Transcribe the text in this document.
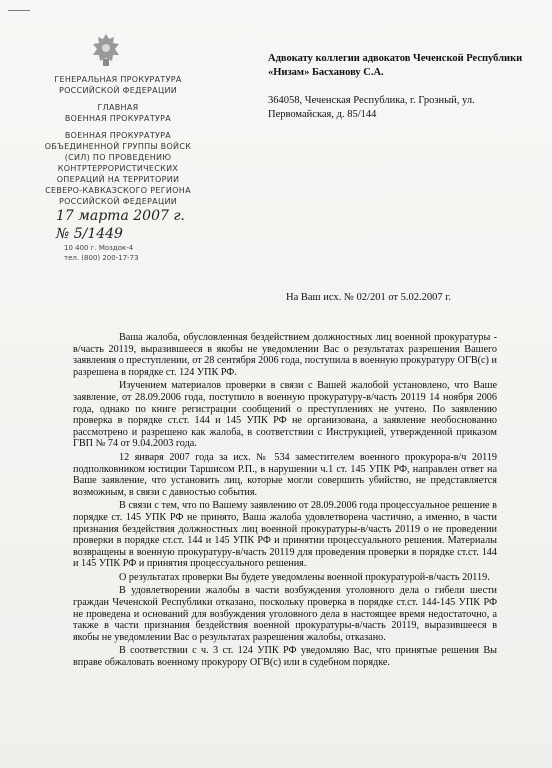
ГЕНЕРАЛЬНАЯ ПРОКУРАТУРА
РОССИЙСКОЙ ФЕДЕРАЦИИ
ГЛАВНАЯ
ВОЕННАЯ ПРОКУРАТУРА
ВОЕННАЯ ПРОКУРАТУРА
ОБЪЕДИНЕННОЙ ГРУППЫ ВОЙСК
(СИЛ) ПО ПРОВЕДЕНИЮ
КОНТРТЕРРОРИСТИЧЕСКИХ
ОПЕРАЦИЙ НА ТЕРРИТОРИИ
СЕВЕРО-КАВКАЗСКОГО РЕГИОНА
РОССИЙСКОЙ ФЕДЕРАЦИИ
17 марта 2007 г.
№ 5/1449
10 400 г. Моздок-4
тел. (800) 200-17-73
Адвокату коллегии адвокатов Чеченской Республики «Низам» Басханову С.А.
364058, Чеченская Республика, г. Грозный, ул. Первомайская, д. 85/144
На Ваш исх. № 02/201 от 5.02.2007 г.

Ваша жалоба, обусловленная бездействием должностных лиц военной прокуратуры - в/часть 20119, выразившееся в якобы не уведомлении Вас о результатах разрешения Вашего заявления о преступлении, от 28 сентября 2006 года, поступила в военную прокуратуру ОГВ(с) и разрешена в порядке ст. 124 УПК РФ.

Изучением материалов проверки в связи с Вашей жалобой установлено, что Ваше заявление, от 28.09.2006 года, поступило в военную прокуратуру-в/часть 20119 14 ноября 2006 года, однако по книге регистрации сообщений о преступлениях не учтено. По заявлению проверка в порядке ст.ст. 144 и 145 УПК РФ не организована, а заявление необоснованно рассмотрено и разрешено как жалоба, в соответствии с Инструкцией, утвержденной приказом ГВП № 74 от 9.04.2003 года.

12 января 2007 года за исх. № 534 заместителем военного прокурора-в/ч 20119 подполковником юстиции Таршисом Р.П., в нарушении ч.1 ст. 145 УПК РФ, направлен ответ на Ваше заявление, что установить лиц, которые могли совершить убийство, не представляется возможным, в связи с давностью события.

В связи с тем, что по Вашему заявлению от 28.09.2006 года процессуальное решение в порядке ст. 145 УПК РФ не принято, Ваша жалоба удовлетворена частично, а именно, в части признания бездействия должностных лиц военной прокуратуры-в/часть 20119 о не проведении проверки в порядке ст.ст. 144 и 145 УПК РФ и принятии процессуального решения. Материалы возвращены в военную прокуратуру-в/часть 20119 для проведения проверки в порядке ст.ст. 144 и 145 УПК РФ и принятия процессуального решения.

О результатах проверки Вы будете уведомлены военной прокуратурой-в/часть 20119.

В удовлетворении жалобы в части возбуждения уголовного дела о гибели шести граждан Чеченской Республики отказано, поскольку проверка в порядке ст.ст. 144-145 УПК РФ не проведена и оснований для возбуждения уголовного дела в настоящее время недостаточно, а также в части признания бездействия военной прокуратуры-в/часть 20119, выразившееся в якобы не уведомлении Вас о результатах разрешения жалобы, отказано.

В соответствии с ч. 3 ст. 124 УПК РФ уведомляю Вас, что принятые решения Вы вправе обжаловать военному прокурору ОГВ(с) или в судебном порядке.
